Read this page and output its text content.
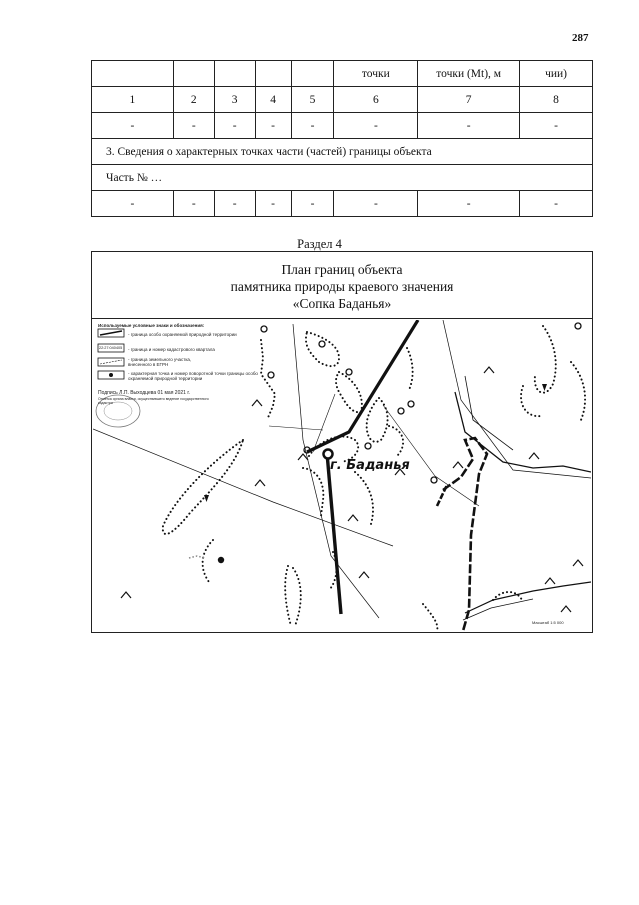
287
					точки	точки (Mt), м	чии)
1	2	3	4	5	6	7	8
-	-	-	-	-	-	-	-
3. Сведения о характерных точках части (частей) границы объекта							
Часть № …							
-	-	-	-	-	-	-	-
Раздел 4
План границ объекта
памятника природы краевого значения
«Сопка Баданья»
Используемые условные знаки и обозначения:
- граница особо охраняемой природной территории
22:27:040405 - граница и номер кадастрового квартала
- граница земельного участка, внесенного в ЕГРН
- характерная точка и номер поворотной точки границы особо охраняемой природной территории
Подпись Л.П. Выходцева 01 мая 2021 г.
Отметка органа власти, осуществившего ведение государственного кадастра
г. Баданья
Масштаб 1:5 000
